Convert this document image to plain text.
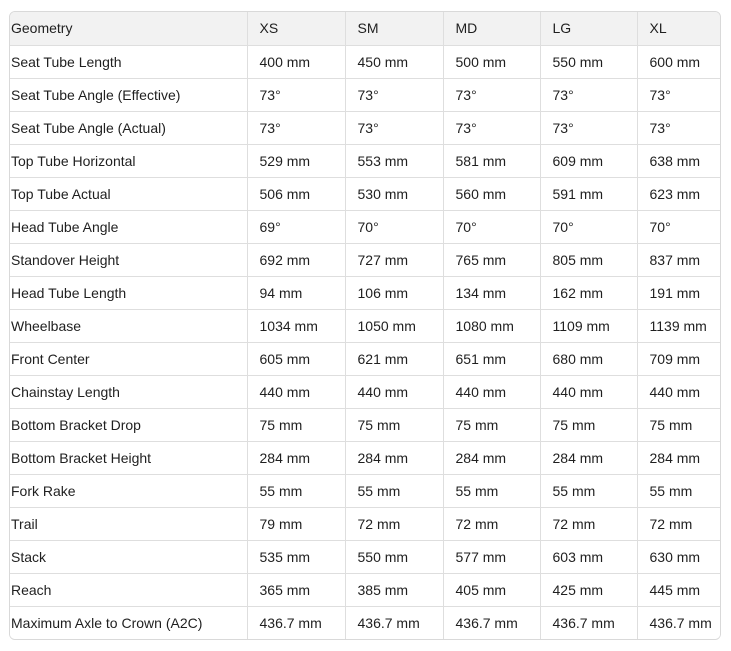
Geometry	XS	SM	MD	LG	XL
Seat Tube Length	400 mm	450 mm	500 mm	550 mm	600 mm
Seat Tube Angle (Effective)	73°	73°	73°	73°	73°
Seat Tube Angle (Actual)	73°	73°	73°	73°	73°
Top Tube Horizontal	529 mm	553 mm	581 mm	609 mm	638 mm
Top Tube Actual	506 mm	530 mm	560 mm	591 mm	623 mm
Head Tube Angle	69°	70°	70°	70°	70°
Standover Height	692 mm	727 mm	765 mm	805 mm	837 mm
Head Tube Length	94 mm	106 mm	134 mm	162 mm	191 mm
Wheelbase	1034 mm	1050 mm	1080 mm	1109 mm	1139 mm
Front Center	605 mm	621 mm	651 mm	680 mm	709 mm
Chainstay Length	440 mm	440 mm	440 mm	440 mm	440 mm
Bottom Bracket Drop	75 mm	75 mm	75 mm	75 mm	75 mm
Bottom Bracket Height	284 mm	284 mm	284 mm	284 mm	284 mm
Fork Rake	55 mm	55 mm	55 mm	55 mm	55 mm
Trail	79 mm	72 mm	72 mm	72 mm	72 mm
Stack	535 mm	550 mm	577 mm	603 mm	630 mm
Reach	365 mm	385 mm	405 mm	425 mm	445 mm
Maximum Axle to Crown (A2C)	436.7 mm	436.7 mm	436.7 mm	436.7 mm	436.7 mm
